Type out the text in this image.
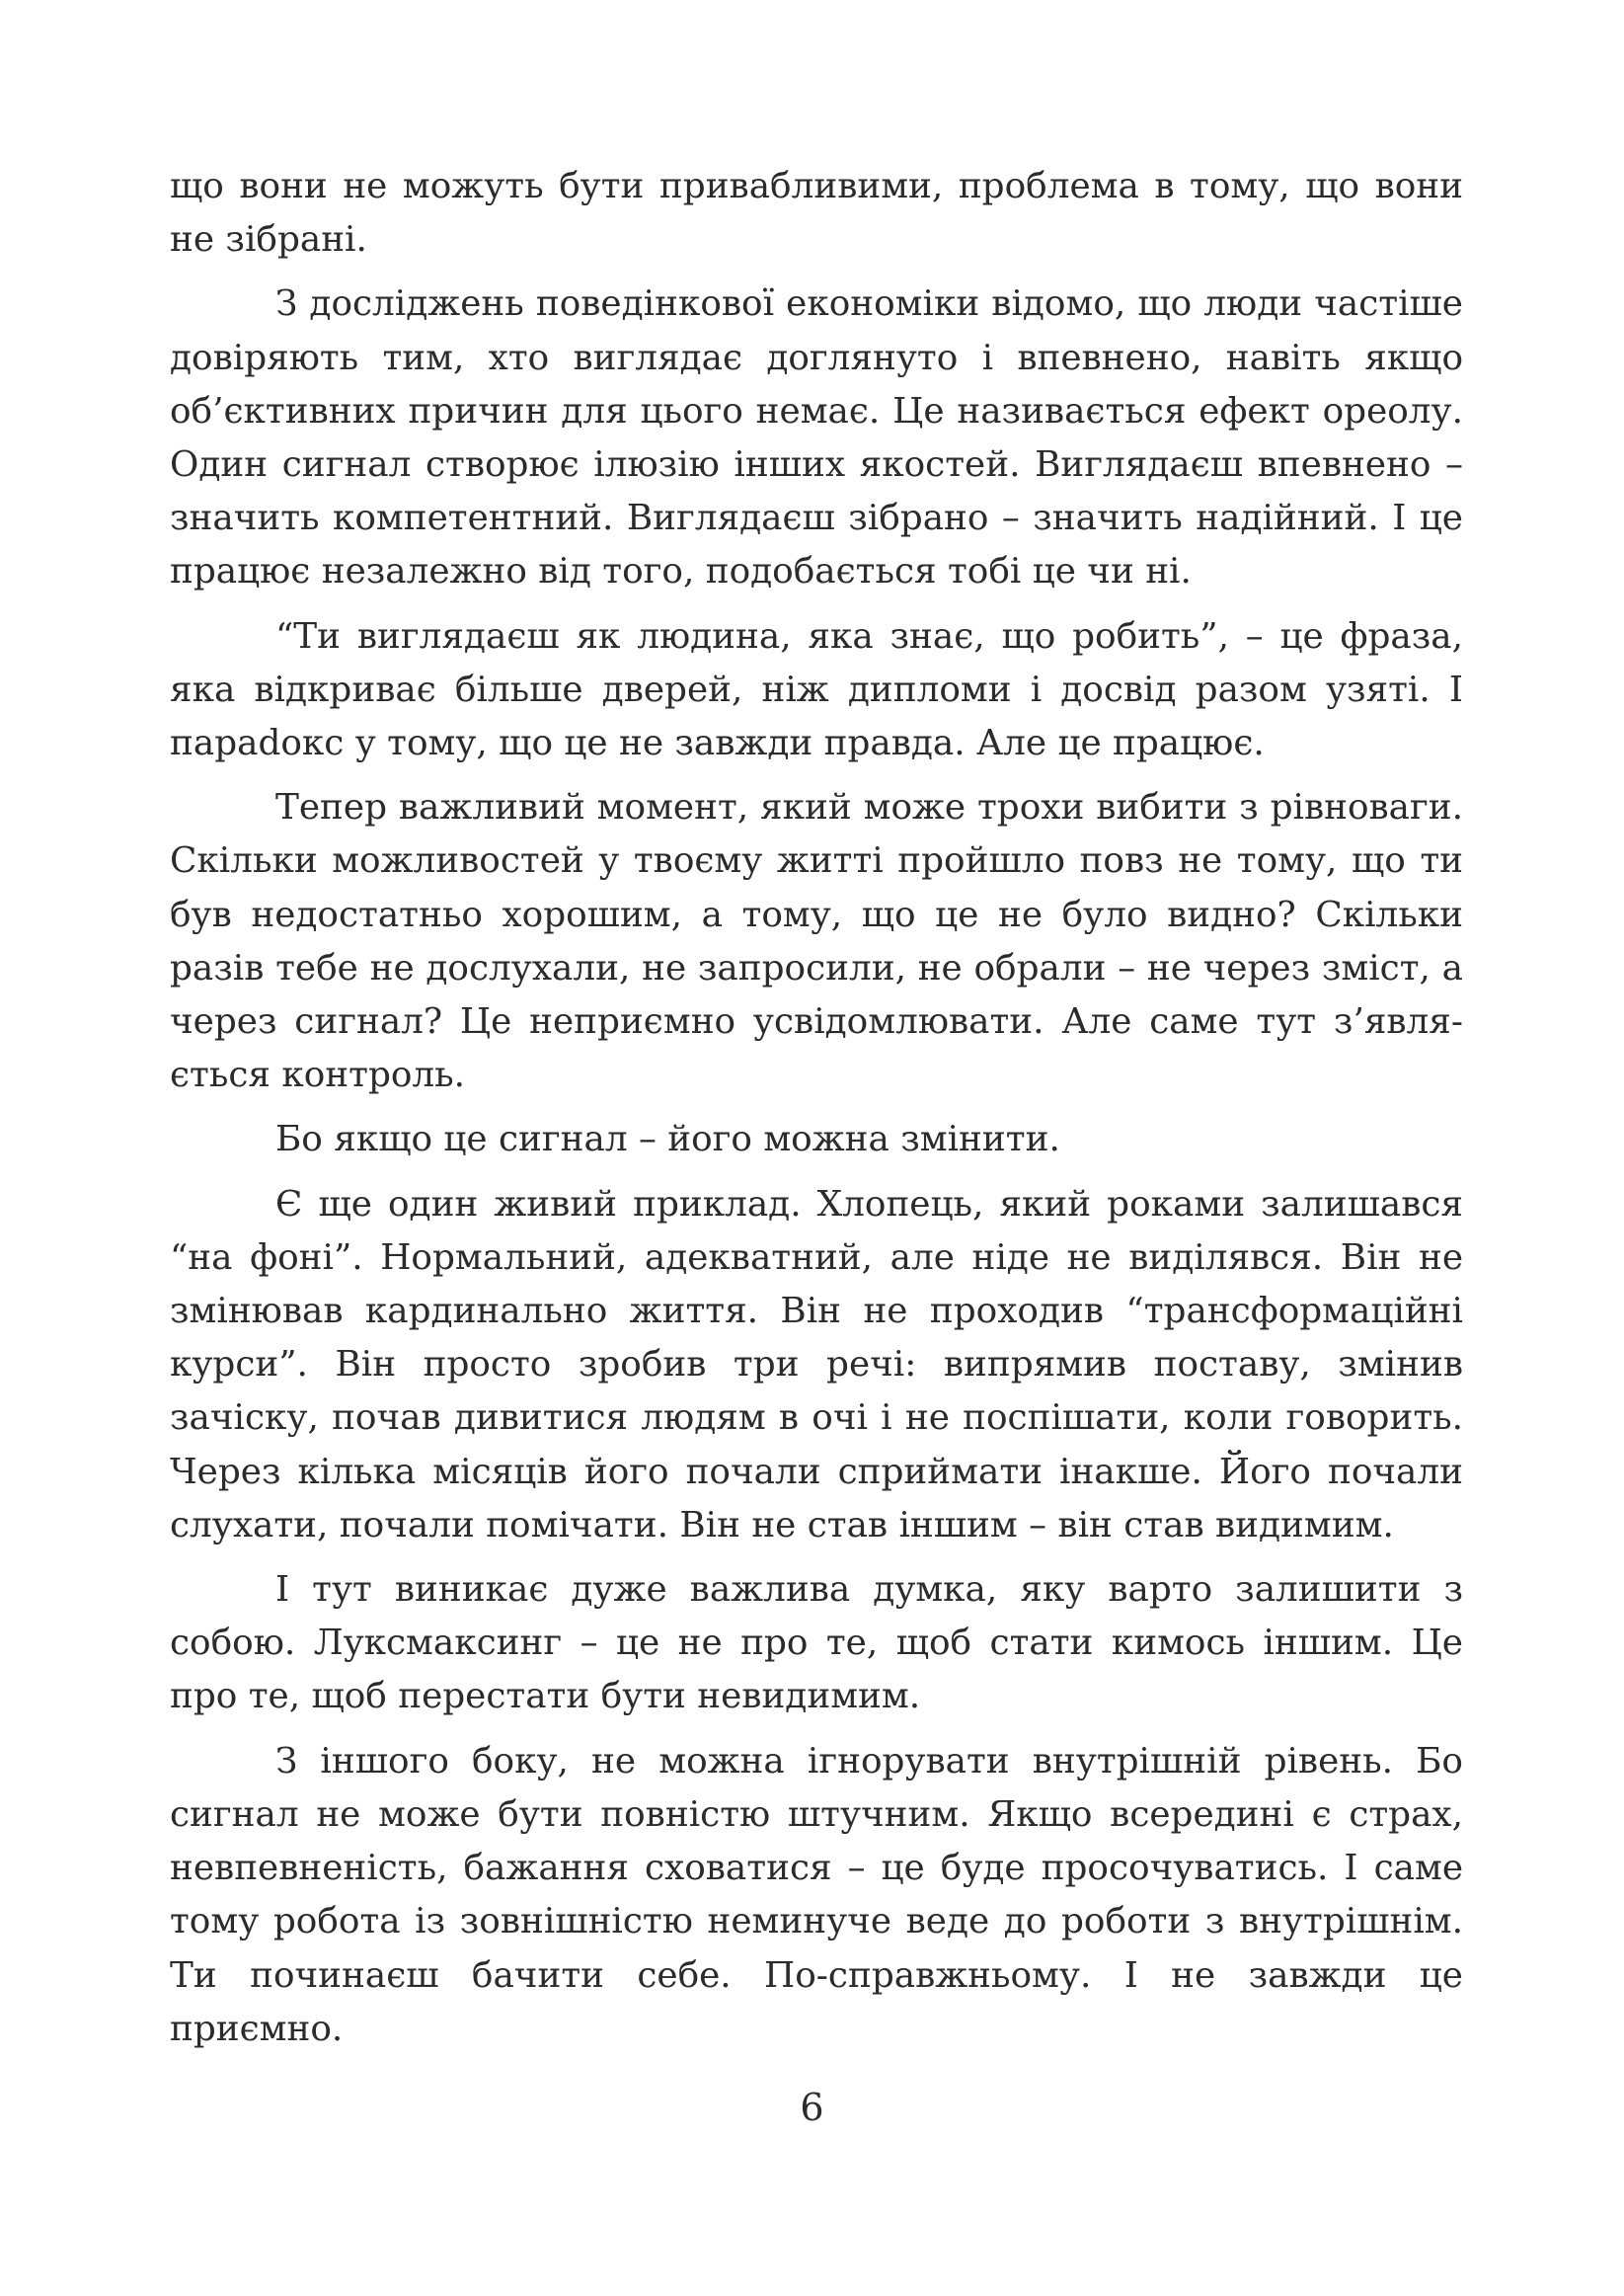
що вони не можуть бути привабливими, проблема в тому, що вони не зібрані.

З досліджень поведінкової економіки відомо, що люди частіше довіряють тим, хто виглядає доглянуто і впевнено, навіть якщо об’єктивних причин для цього немає. Це називається ефект ореолу. Один сигнал створює ілюзію інших якостей. Виглядаєш впевнено – значить компетентний. Виглядаєш зібрано – значить надійний. І це працює незалежно від того, подобається тобі це чи ні.

“Ти виглядаєш як людина, яка знає, що робить”, – це фраза, яка відкриває більше дверей, ніж дипломи і досвід разом узяті. І параdокс у тому, що це не завжди правда. Але це працює.

Тепер важливий момент, який може трохи вибити з рівноваги. Скільки можливостей у твоєму житті пройшло повз не тому, що ти був недостатньо хорошим, а тому, що це не було видно? Скільки разів тебе не дослухали, не запросили, не обрали – не через зміст, а через сигнал? Це неприємно усвідомлювати. Але саме тут з’являється контроль.

Бо якщо це сигнал – його можна змінити.

Є ще один живий приклад. Хлопець, який роками залишався “на фоні”. Нормальний, адекватний, але ніде не виділявся. Він не змінював кардинально життя. Він не проходив “трансформаційні курси”. Він просто зробив три речі: випрямив поставу, змінив зачіску, почав дивитися людям в очі і не поспішати, коли говорить. Через кілька місяців його почали сприймати інакше. Його почали слухати, почали помічати. Він не став іншим – він став видимим.

І тут виникає дуже важлива думка, яку варто залишити з собою. Луксмаксинг – це не про те, щоб стати кимось іншим. Це про те, щоб перестати бути невидимим.

З іншого боку, не можна ігнорувати внутрішній рівень. Бо сигнал не може бути повністю штучним. Якщо всередині є страх, невпевненість, бажання сховатися – це буде просочуватись. І саме тому робота із зовнішністю неминуче веде до роботи з внутрішнім. Ти починаєш бачити себе. По-справжньому. І не завжди це приємно.

6
